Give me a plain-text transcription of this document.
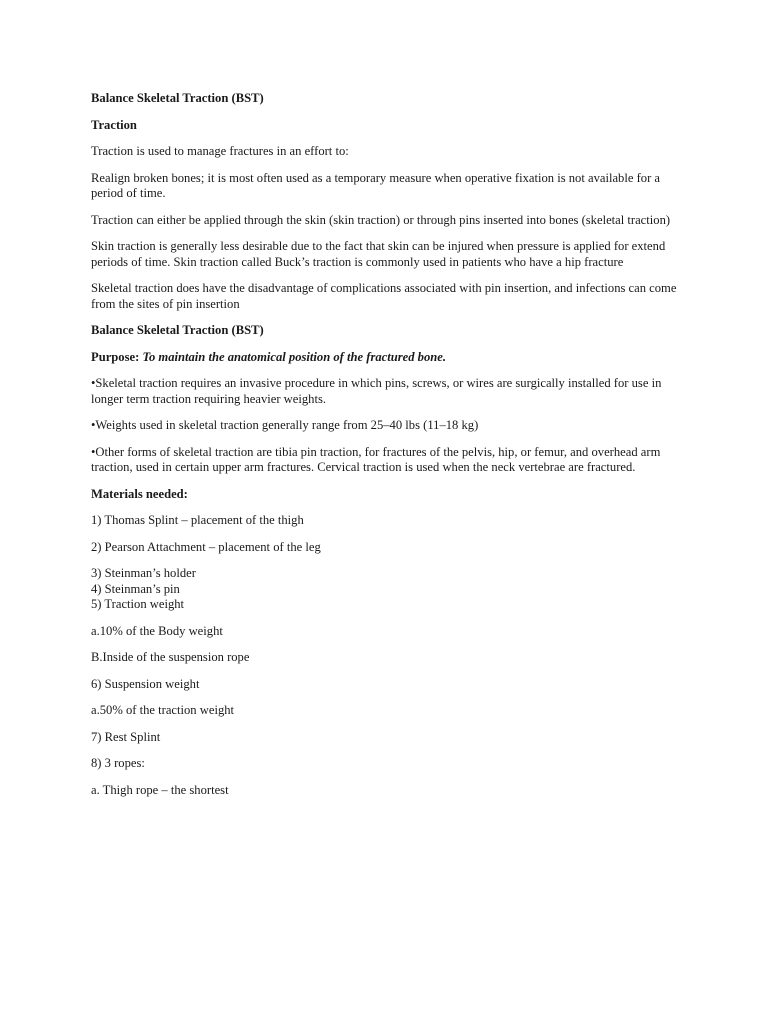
Balance Skeletal Traction (BST)

Traction

Traction is used to manage fractures in an effort to:

Realign broken bones; it is most often used as a temporary measure when operative fixation is not available for a period of time.

Traction can either be applied through the skin (skin traction) or through pins inserted into bones (skeletal traction)

Skin traction is generally less desirable due to the fact that skin can be injured when pressure is applied for extend periods of time. Skin traction called Buck’s traction is commonly used in patients who have a hip fracture

Skeletal traction does have the disadvantage of complications associated with pin insertion, and infections can come from the sites of pin insertion

Balance Skeletal Traction (BST)

Purpose: To maintain the anatomical position of the fractured bone.

•Skeletal traction requires an invasive procedure in which pins, screws, or wires are surgically installed for use in longer term traction requiring heavier weights.

•Weights used in skeletal traction generally range from 25–40 lbs (11–18 kg)

•Other forms of skeletal traction are tibia pin traction, for fractures of the pelvis, hip, or femur, and overhead arm traction, used in certain upper arm fractures. Cervical traction is used when the neck vertebrae are fractured.

Materials needed:

1) Thomas Splint – placement of the thigh

2) Pearson Attachment – placement of the leg

3) Steinman’s holder

4) Steinman’s pin

5) Traction weight

a.10% of the Body weight

B.Inside of the suspension rope

6) Suspension weight

a.50% of the traction weight

7) Rest Splint

8) 3 ropes:

a. Thigh rope – the shortest
